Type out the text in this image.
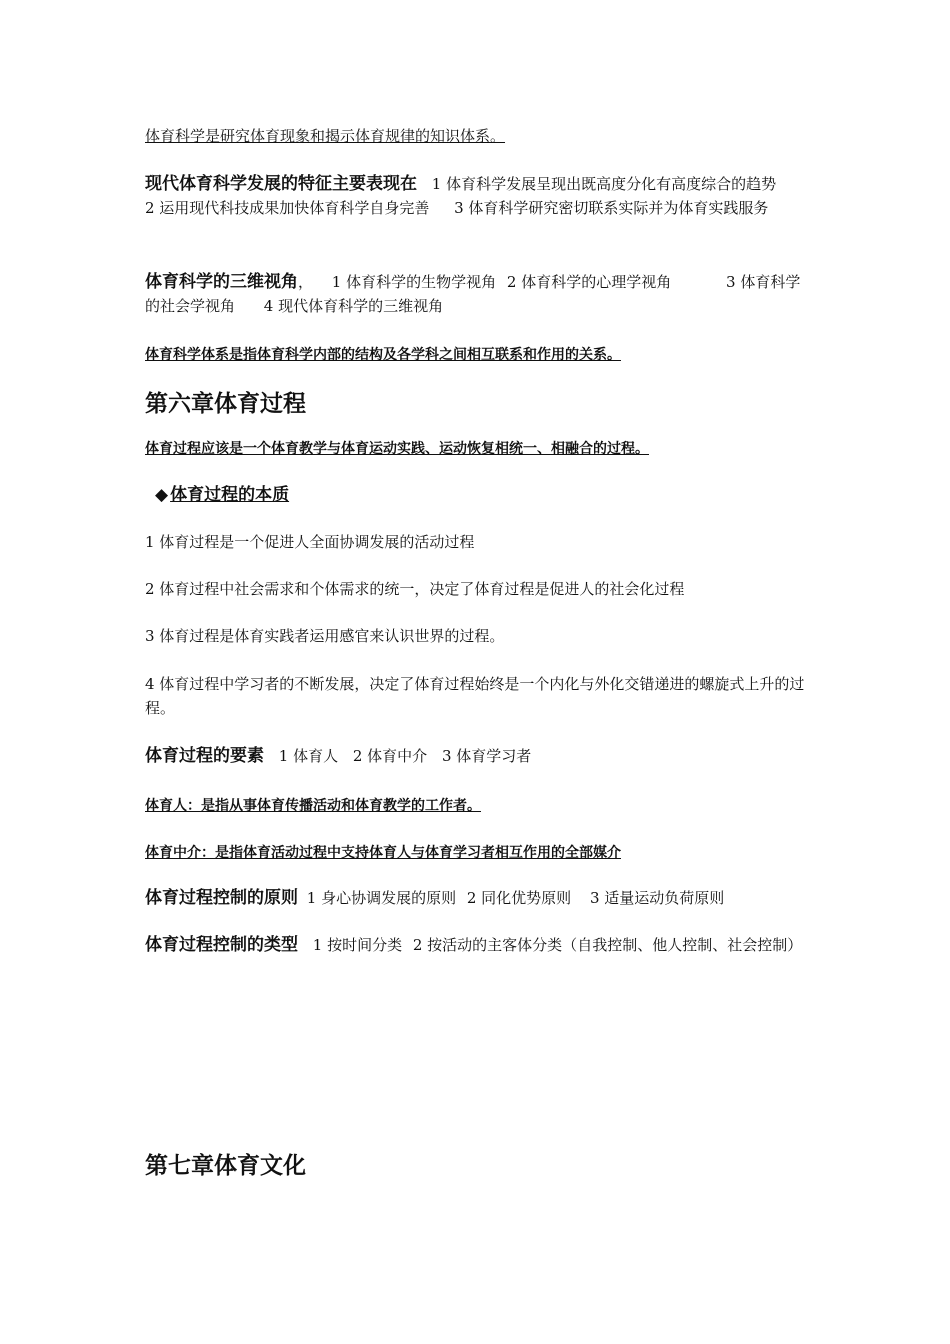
体育科学是研究体育现象和揭示体育规律的知识体系。

现代体育科学发展的特征主要表现在 1 体育科学发展呈现出既高度分化有高度综合的趋势 2 运用现代科技成果加快体育科学自身完善 3 体育科学研究密切联系实际并为体育实践服务

体育科学的三维视角， 1 体育科学的生物学视角 2 体育科学的心理学视角	3 体育科学的社会学视角 4 现代体育科学的三维视角

体育科学体系是指体育科学内部的结构及各学科之间相互联系和作用的关系。

第六章体育过程

体育过程应该是一个体育教学与体育运动实践、运动恢复相统一、相融合的过程。

◆ 体育过程的本质

1 体育过程是一个促进人全面协调发展的活动过程

2 体育过程中社会需求和个体需求的统一，决定了体育过程是促进人的社会化过程

3 体育过程是体育实践者运用感官来认识世界的过程。

4 体育过程中学习者的不断发展，决定了体育过程始终是一个内化与外化交错递进的螺旋式上升的过程。

体育过程的要素 1 体育人 2 体育中介 3 体育学习者

体育人：是指从事体育传播活动和体育教学的工作者。

体育中介：是指体育活动过程中支持体育人与体育学习者相互作用的全部媒介

体育过程控制的原则 1 身心协调发展的原则 2 同化优势原则 3 适量运动负荷原则

体育过程控制的类型 1 按时间分类 2 按活动的主客体分类（自我控制、他人控制、社会控制）

第七章体育文化
